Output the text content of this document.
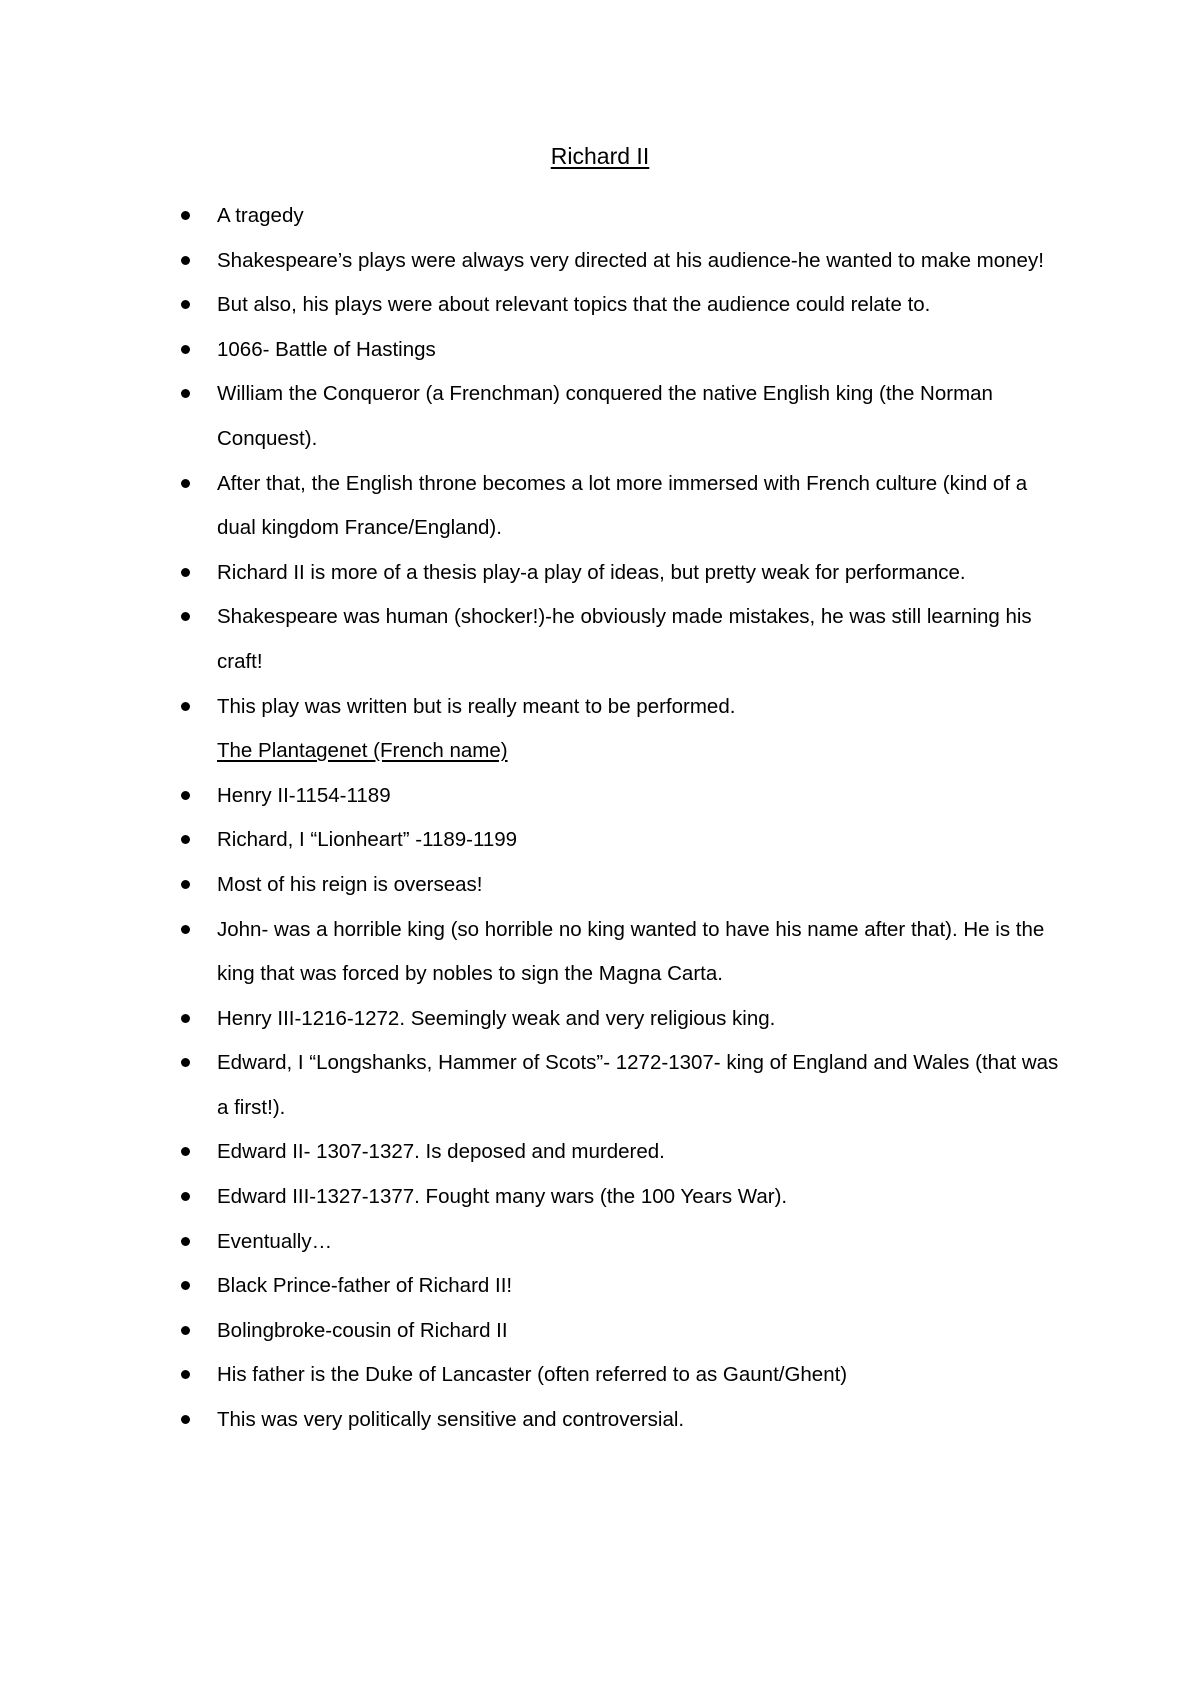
Richard II
A tragedy
Shakespeare’s plays were always very directed at his audience-he wanted to make money!
But also, his plays were about relevant topics that the audience could relate to.
1066- Battle of Hastings
William the Conqueror (a Frenchman) conquered the native English king (the Norman Conquest).
After that, the English throne becomes a lot more immersed with French culture (kind of a dual kingdom France/England).
Richard II is more of a thesis play-a play of ideas, but pretty weak for performance.
Shakespeare was human (shocker!)-he obviously made mistakes, he was still learning his craft!
This play was written but is really meant to be performed.
The Plantagenet (French name)
Henry II-1154-1189
Richard, I “Lionheart” -1189-1199
Most of his reign is overseas!
John- was a horrible king (so horrible no king wanted to have his name after that). He is the king that was forced by nobles to sign the Magna Carta.
Henry III-1216-1272. Seemingly weak and very religious king.
Edward, I “Longshanks, Hammer of Scots”- 1272-1307- king of England and Wales (that was a first!).
Edward II- 1307-1327. Is deposed and murdered.
Edward III-1327-1377. Fought many wars (the 100 Years War).
Eventually…
Black Prince-father of Richard II!
Bolingbroke-cousin of Richard II
His father is the Duke of Lancaster (often referred to as Gaunt/Ghent)
This was very politically sensitive and controversial.
